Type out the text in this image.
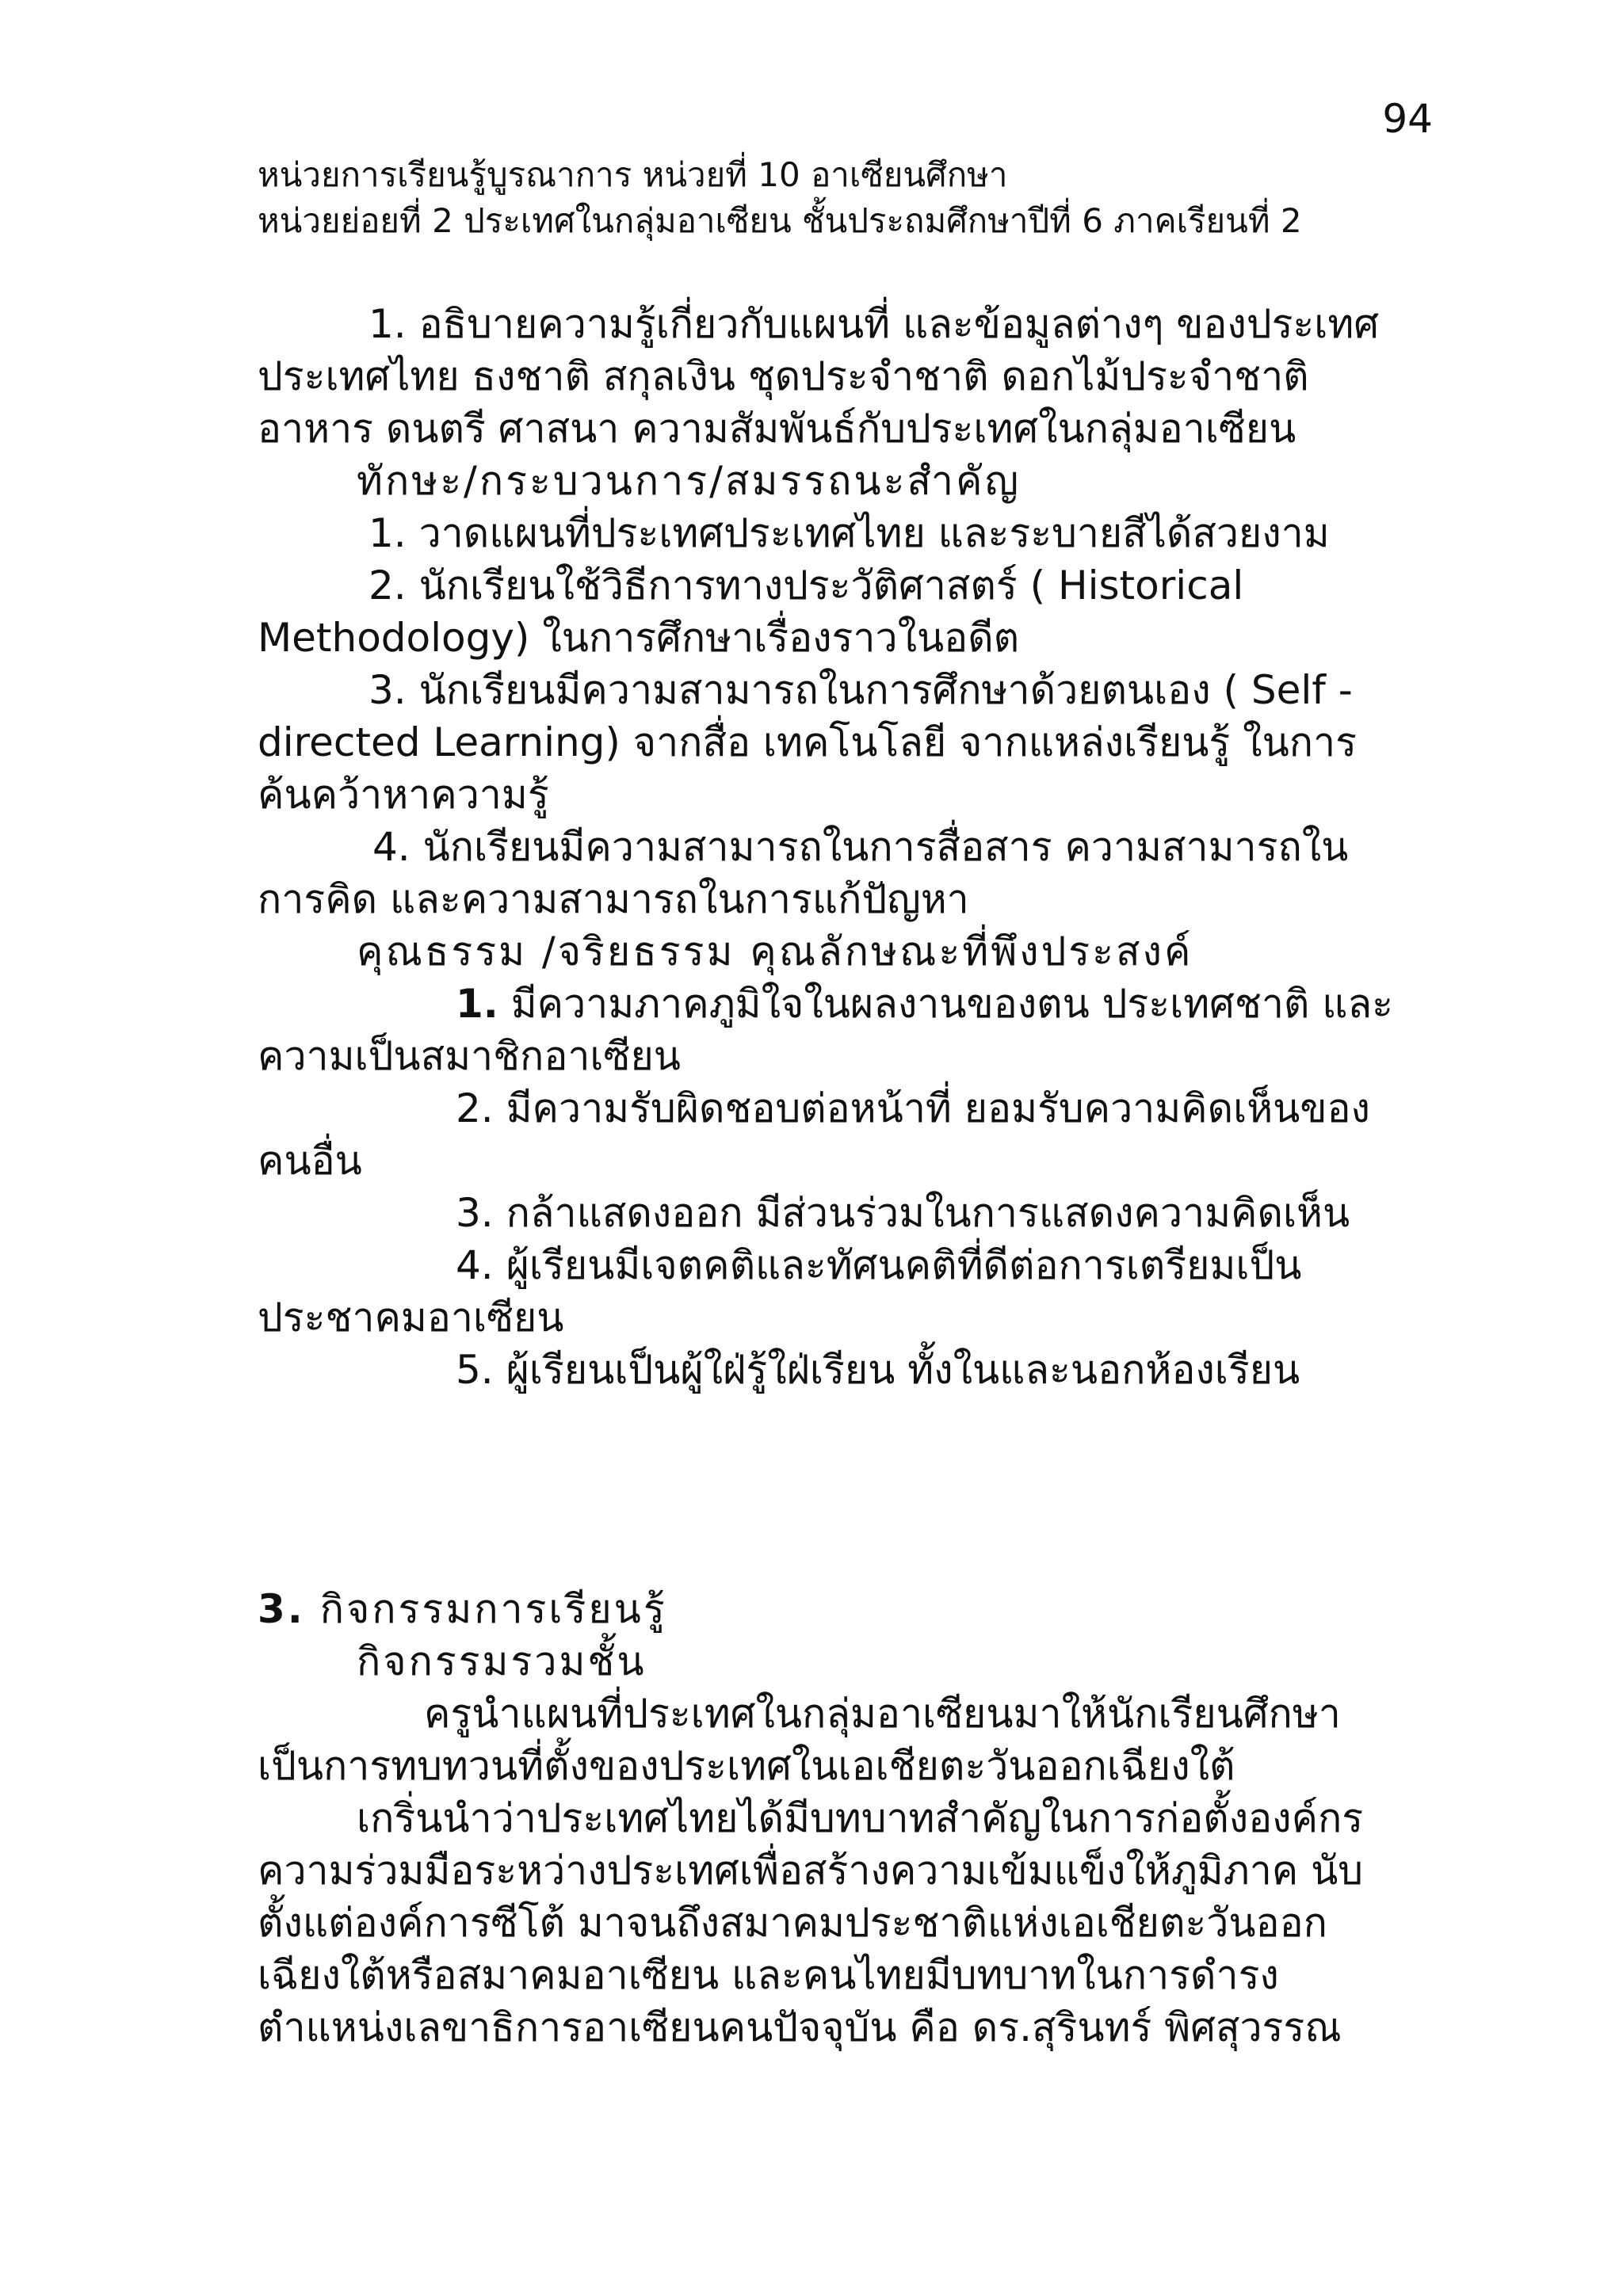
94
หน่วยการเรียนรู้บูรณาการ หน่วยที่ 10 อาเซียนศึกษา
หน่วยย่อยที่ 2 ประเทศในกลุ่มอาเซียน ชั้นประถมศึกษาปีที่ 6 ภาคเรียนที่ 2
1. อธิบายความรู้เกี่ยวกับแผนที่ และข้อมูลต่างๆ ของประเทศ
ประเทศไทย ธงชาติ สกุลเงิน ชุดประจำชาติ ดอกไม้ประจำชาติ
อาหาร ดนตรี ศาสนา ความสัมพันธ์กับประเทศในกลุ่มอาเซียน
ทักษะ/กระบวนการ/สมรรถนะสำคัญ
1. วาดแผนที่ประเทศประเทศไทย และระบายสีได้สวยงาม
2. นักเรียนใช้วิธีการทางประวัติศาสตร์ ( Historical
Methodology) ในการศึกษาเรื่องราวในอดีต
3. นักเรียนมีความสามารถในการศึกษาด้วยตนเอง ( Self -
directed Learning) จากสื่อ เทคโนโลยี จากแหล่งเรียนรู้ ในการ
ค้นคว้าหาความรู้
4. นักเรียนมีความสามารถในการสื่อสาร ความสามารถใน
การคิด และความสามารถในการแก้ปัญหา
คุณธรรม /จริยธรรม คุณลักษณะที่พึงประสงค์
1. มีความภาคภูมิใจในผลงานของตน ประเทศชาติ และ
ความเป็นสมาชิกอาเซียน
2. มีความรับผิดชอบต่อหน้าที่ ยอมรับความคิดเห็นของ
คนอื่น
3. กล้าแสดงออก มีส่วนร่วมในการแสดงความคิดเห็น
4. ผู้เรียนมีเจตคติและทัศนคติที่ดีต่อการเตรียมเป็น
ประชาคมอาเซียน
5. ผู้เรียนเป็นผู้ใฝ่รู้ใฝ่เรียน ทั้งในและนอกห้องเรียน
3. กิจกรรมการเรียนรู้
กิจกรรมรวมชั้น
ครูนำแผนที่ประเทศในกลุ่มอาเซียนมาให้นักเรียนศึกษา
เป็นการทบทวนที่ตั้งของประเทศในเอเชียตะวันออกเฉียงใต้
เกริ่นนำว่าประเทศไทยได้มีบทบาทสำคัญในการก่อตั้งองค์กร
ความร่วมมือระหว่างประเทศเพื่อสร้างความเข้มแข็งให้ภูมิภาค นับ
ตั้งแต่องค์การซีโต้ มาจนถึงสมาคมประชาติแห่งเอเชียตะวันออก
เฉียงใต้หรือสมาคมอาเซียน และคนไทยมีบทบาทในการดำรง
ตำแหน่งเลขาธิการอาเซียนคนปัจจุบัน คือ ดร.สุรินทร์ พิศสุวรรณ
